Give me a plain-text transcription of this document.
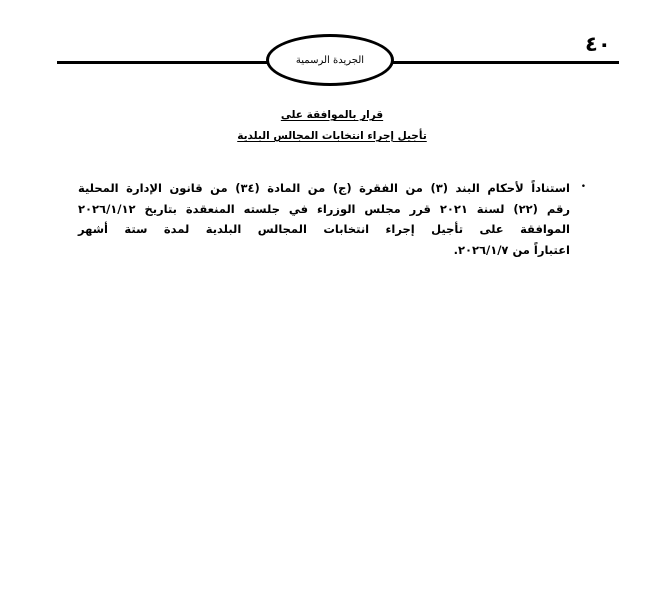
٤٠
الجريدة الرسمية
قرار بالموافقة على
تأجيل إجراء انتخابات المجالس البلدية
•
استناداً لأحكام البند (٣) من الفقرة (ج) من المادة (٣٤) من قانون الإدارة المحلية
رقم (٢٢) لسنة ٢٠٢١ قرر مجلس الوزراء في جلسته المنعقدة بتاريخ ٢٠٢٦/١/١٢
الموافقة على تأجيل إجراء انتخابات المجالس البلدية لمدة ستة أشهر
اعتباراً من ٢٠٢٦/١/٧.
